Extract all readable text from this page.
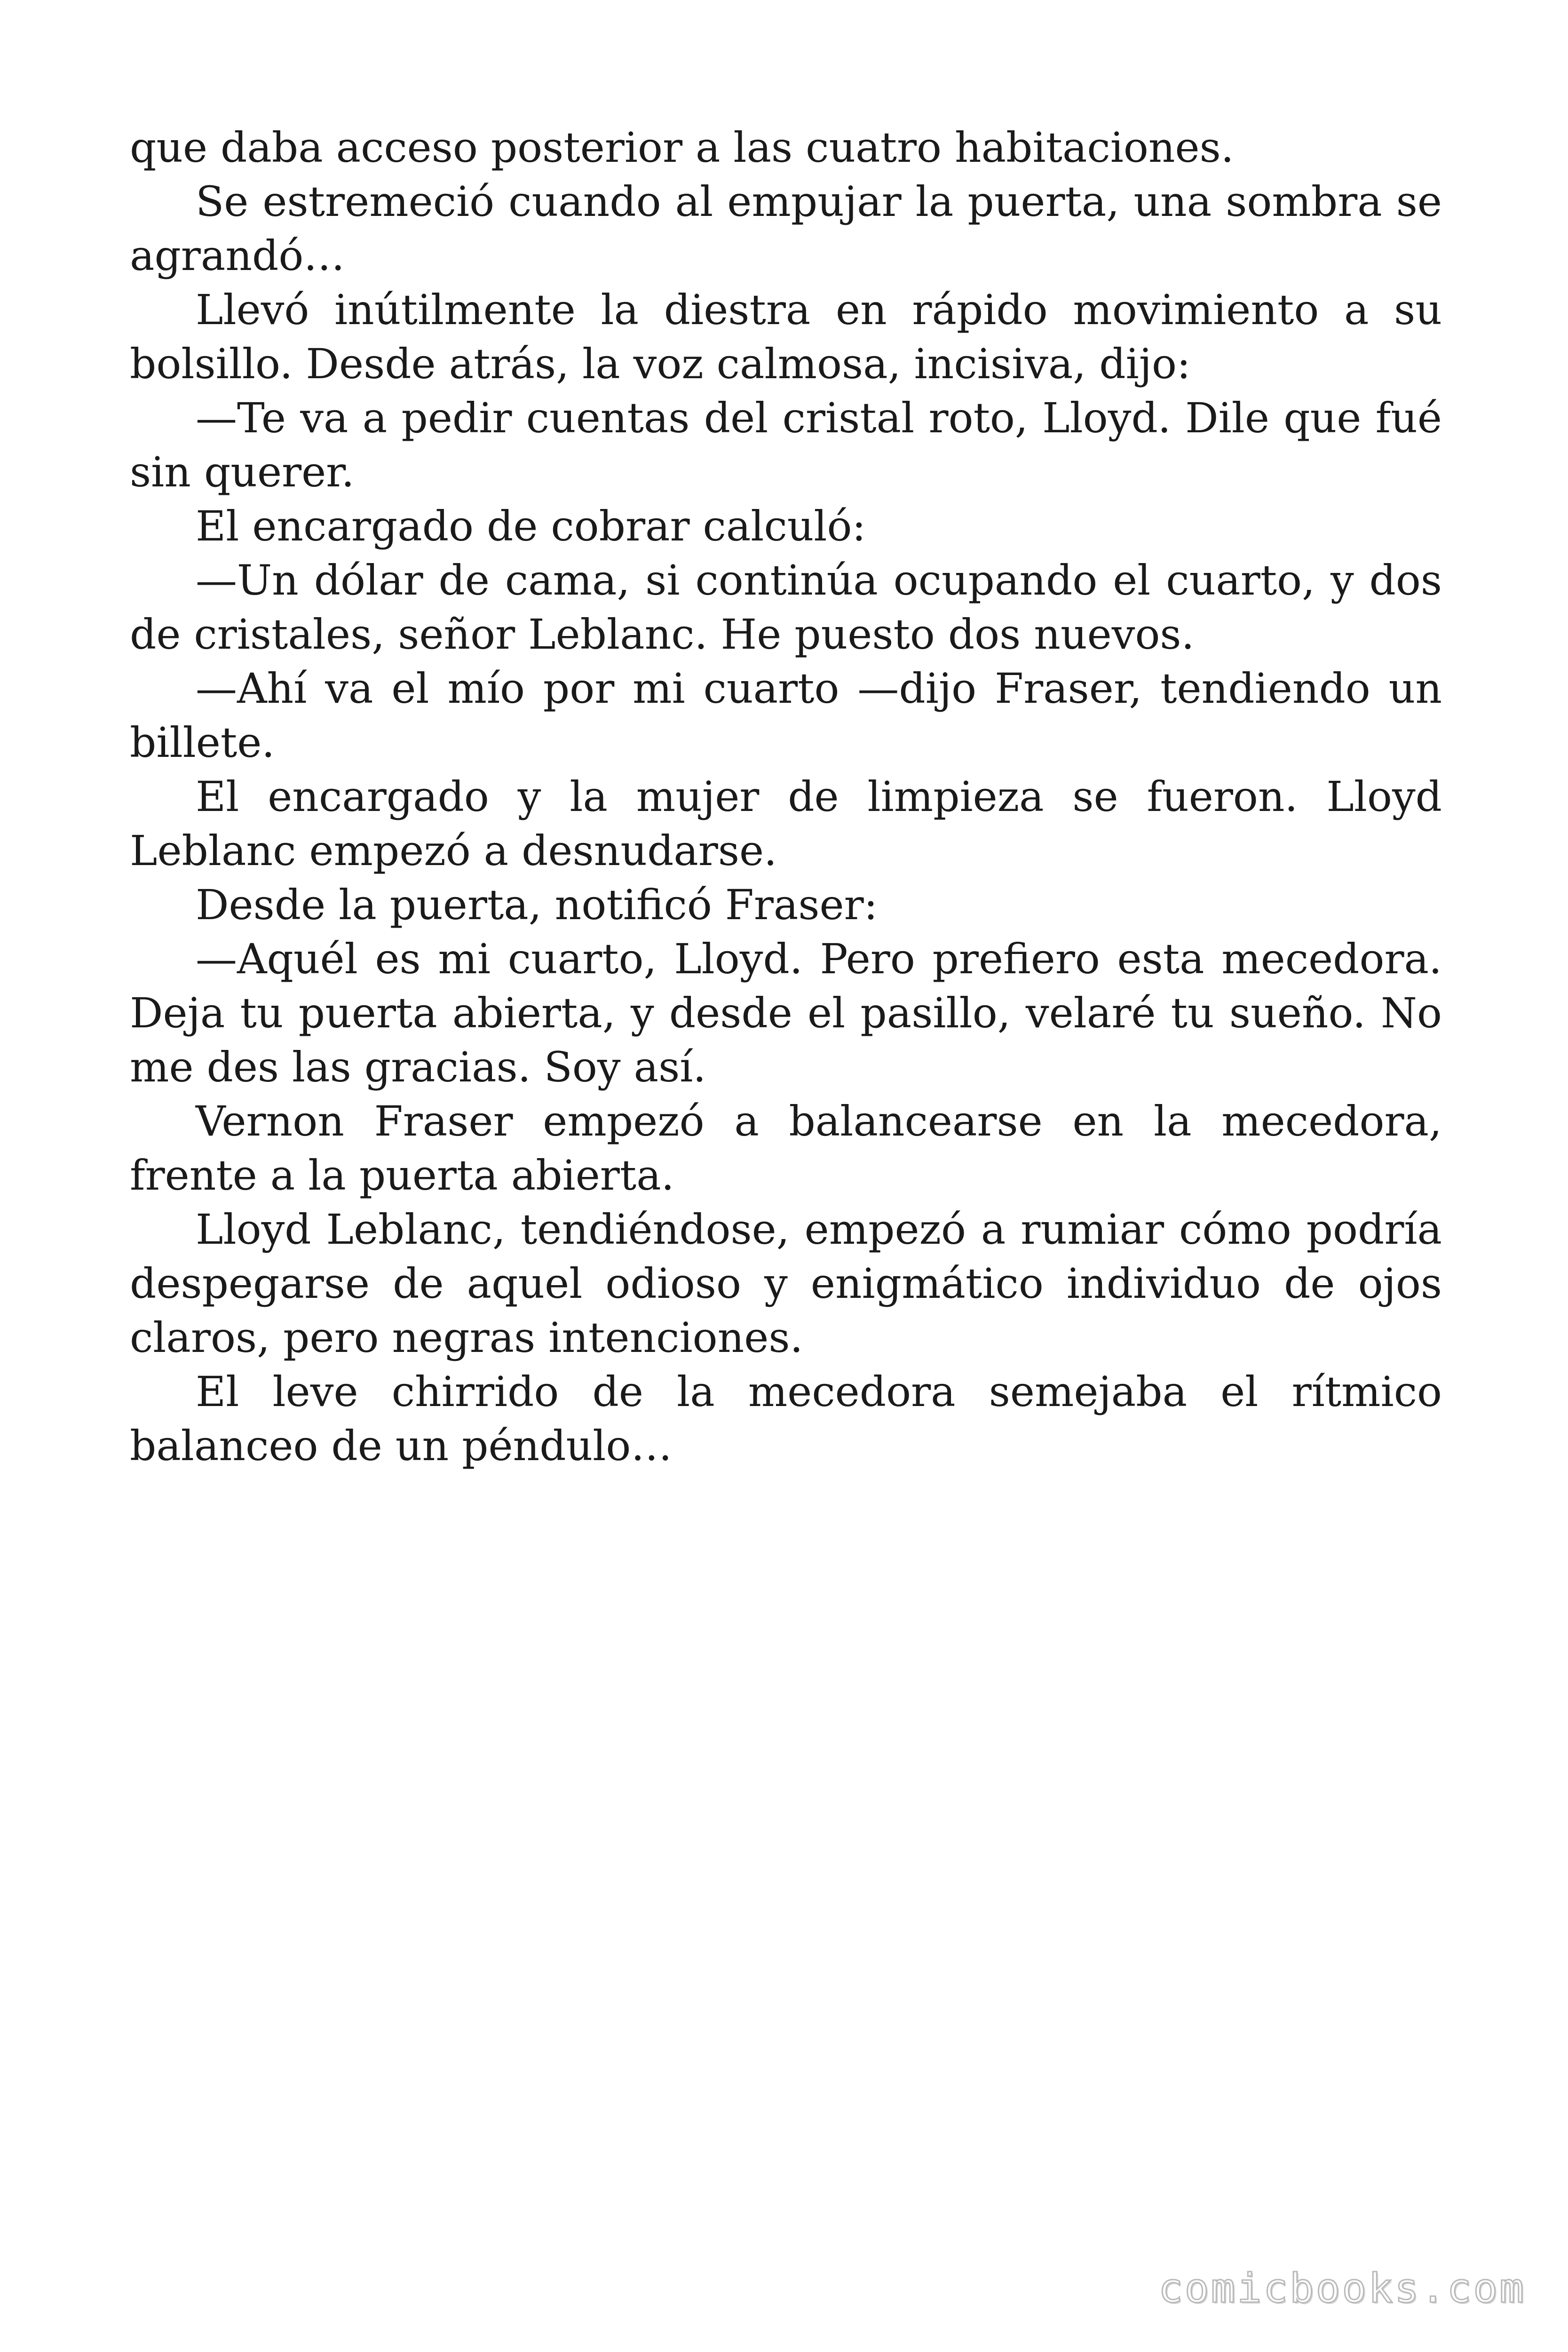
que daba acceso posterior a las cuatro habitaciones.

Se estremeció cuando al empujar la puerta, una sombra se agrandó…

Llevó inútilmente la diestra en rápido movimiento a su bolsillo. Desde atrás, la voz calmosa, incisiva, dijo:

—Te va a pedir cuentas del cristal roto, Lloyd. Dile que fué sin querer.

El encargado de cobrar calculó:

—Un dólar de cama, si continúa ocupando el cuarto, y dos de cristales, señor Leblanc. He puesto dos nuevos.

—Ahí va el mío por mi cuarto —dijo Fraser, tendiendo un billete.

El encargado y la mujer de limpieza se fueron. Lloyd Leblanc empezó a desnudarse.

Desde la puerta, notificó Fraser:

—Aquél es mi cuarto, Lloyd. Pero prefiero esta mecedora. Deja tu puerta abierta, y desde el pasillo, velaré tu sueño. No me des las gracias. Soy así.

Vernon Fraser empezó a balancearse en la mecedora, frente a la puerta abierta.

Lloyd Leblanc, tendiéndose, empezó a rumiar cómo podría despegarse de aquel odioso y enigmático individuo de ojos claros, pero negras intenciones.

El leve chirrido de la mecedora semejaba el rítmico balanceo de un péndulo…

comicbooks.com
